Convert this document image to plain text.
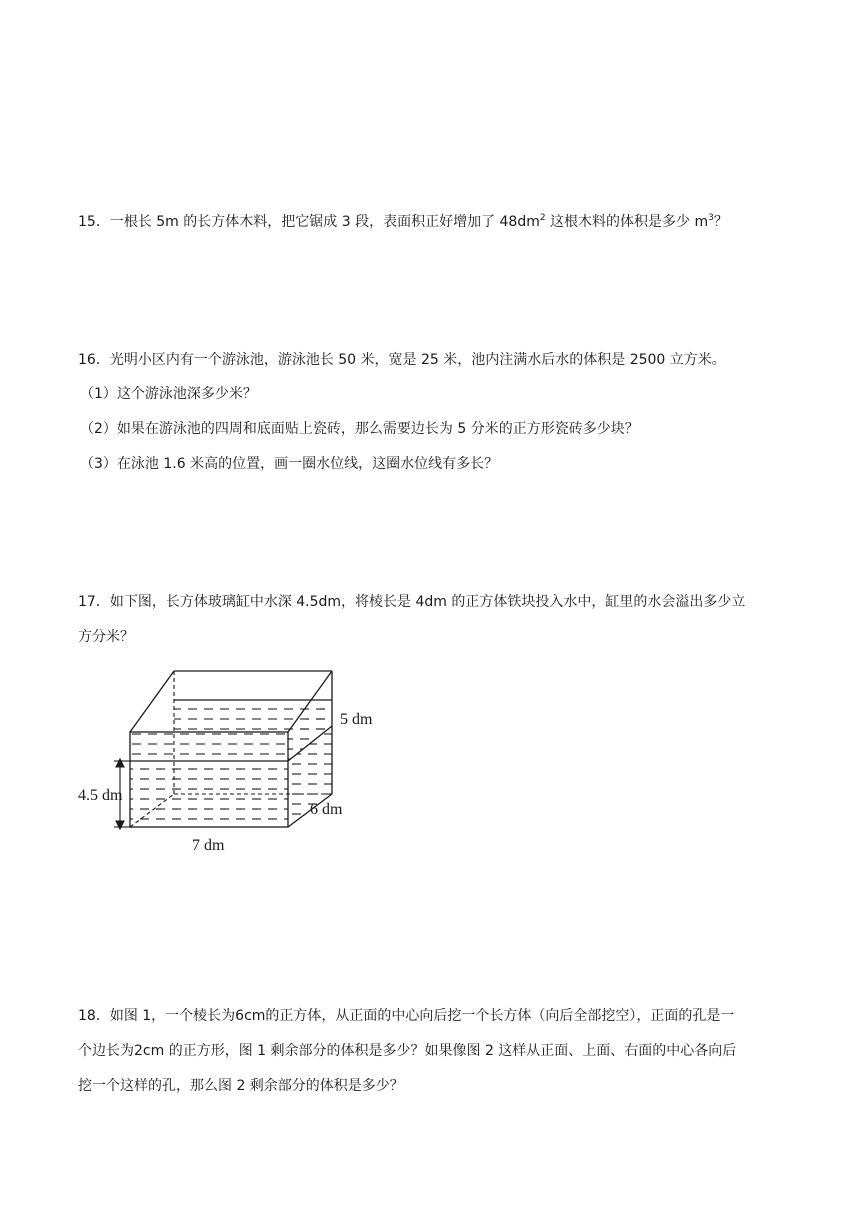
15．一根长 5m 的长方体木料，把它锯成 3 段，表面积正好增加了 $48dm^2$ 这根木料的体积是多少 $m^3$？
16．光明小区内有一个游泳池，游泳池长 50 米，宽是 25 米，池内注满水后水的体积是 2500 立方米。
（1）这个游泳池深多少米？
（2）如果在游泳池的四周和底面贴上瓷砖，那么需要边长为 5 分米的正方形瓷砖多少块？
（3）在泳池 1.6 米高的位置，画一圈水位线，这圈水位线有多长？
17．如下图，长方体玻璃缸中水深 4.5dm，将棱长是 4dm 的正方体铁块投入水中，缸里的水会溢出多少立
方分米？
5 dm
4.5 dm
6 dm
7 dm
18．如图 1，一个棱长为6cm的正方体，从正面的中心向后挖一个长方体（向后全部挖空），正面的孔是一
个边长为2cm 的正方形，图 1 剩余部分的体积是多少？如果像图 2 这样从正面、上面、右面的中心各向后
挖一个这样的孔，那么图 2 剩余部分的体积是多少？
